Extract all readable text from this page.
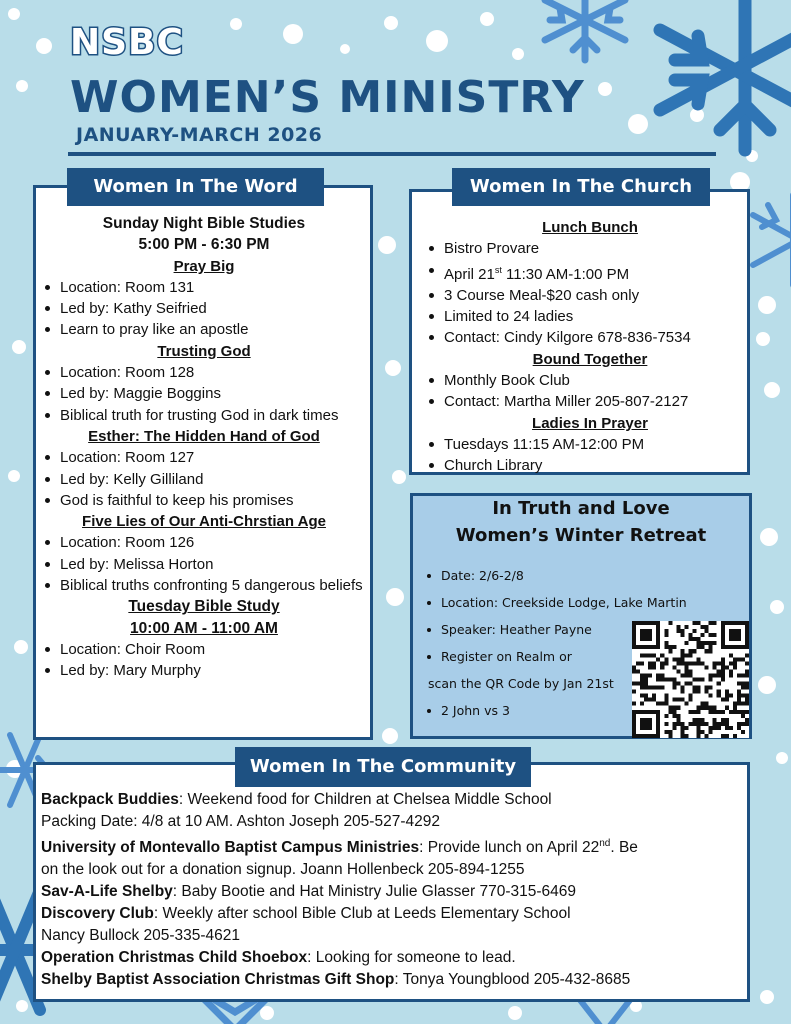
NSBC
WOMEN’S MINISTRY
JANUARY-MARCH 2026
Women In The Word
Sunday Night Bible Studies
5:00 PM - 6:30 PM
Pray Big
Location: Room 131
Led by: Kathy Seifried
Learn to pray like an apostle
Trusting God
Location: Room 128
Led by: Maggie Boggins
Biblical truth for trusting God in dark times
Esther: The Hidden Hand of God
Location: Room 127
Led by: Kelly Gilliland
God is faithful to keep his promises
Five Lies of Our Anti-Chrstian Age
Location: Room 126
Led by: Melissa Horton
Biblical truths confronting 5 dangerous beliefs
Tuesday Bible Study
10:00 AM - 11:00 AM
Location: Choir Room
Led by: Mary Murphy
Women In The Church
Lunch Bunch
Bistro Provare
April 21st 11:30 AM-1:00 PM
3 Course Meal-$20 cash only
Limited to 24 ladies
Contact: Cindy Kilgore 678-836-7534
Bound Together
Monthly Book Club
Contact: Martha Miller 205-807-2127
Ladies In Prayer
Tuesdays 11:15 AM-12:00 PM
Church Library
In Truth and Love
Women’s Winter Retreat
Date: 2/6-2/8
Location: Creekside Lodge, Lake Martin
Speaker: Heather Payne
Register on Realm or
scan the QR Code by Jan 21st
2 John vs 3
Backpack Buddies: Weekend food for Children at Chelsea Middle School
Packing Date: 4/8 at 10 AM. Ashton Joseph 205-527-4292
University of Montevallo Baptist Campus Ministries: Provide lunch on April 22nd. Be
on the look out for a donation signup. Joann Hollenbeck 205-894-1255
Sav-A-Life Shelby: Baby Bootie and Hat Ministry Julie Glasser 770-315-6469
Discovery Club: Weekly after school Bible Club at Leeds Elementary School
Nancy Bullock 205-335-4621
Operation Christmas Child Shoebox: Looking for someone to lead.
Shelby Baptist Association Christmas Gift Shop: Tonya Youngblood 205-432-8685
Women In The Community
